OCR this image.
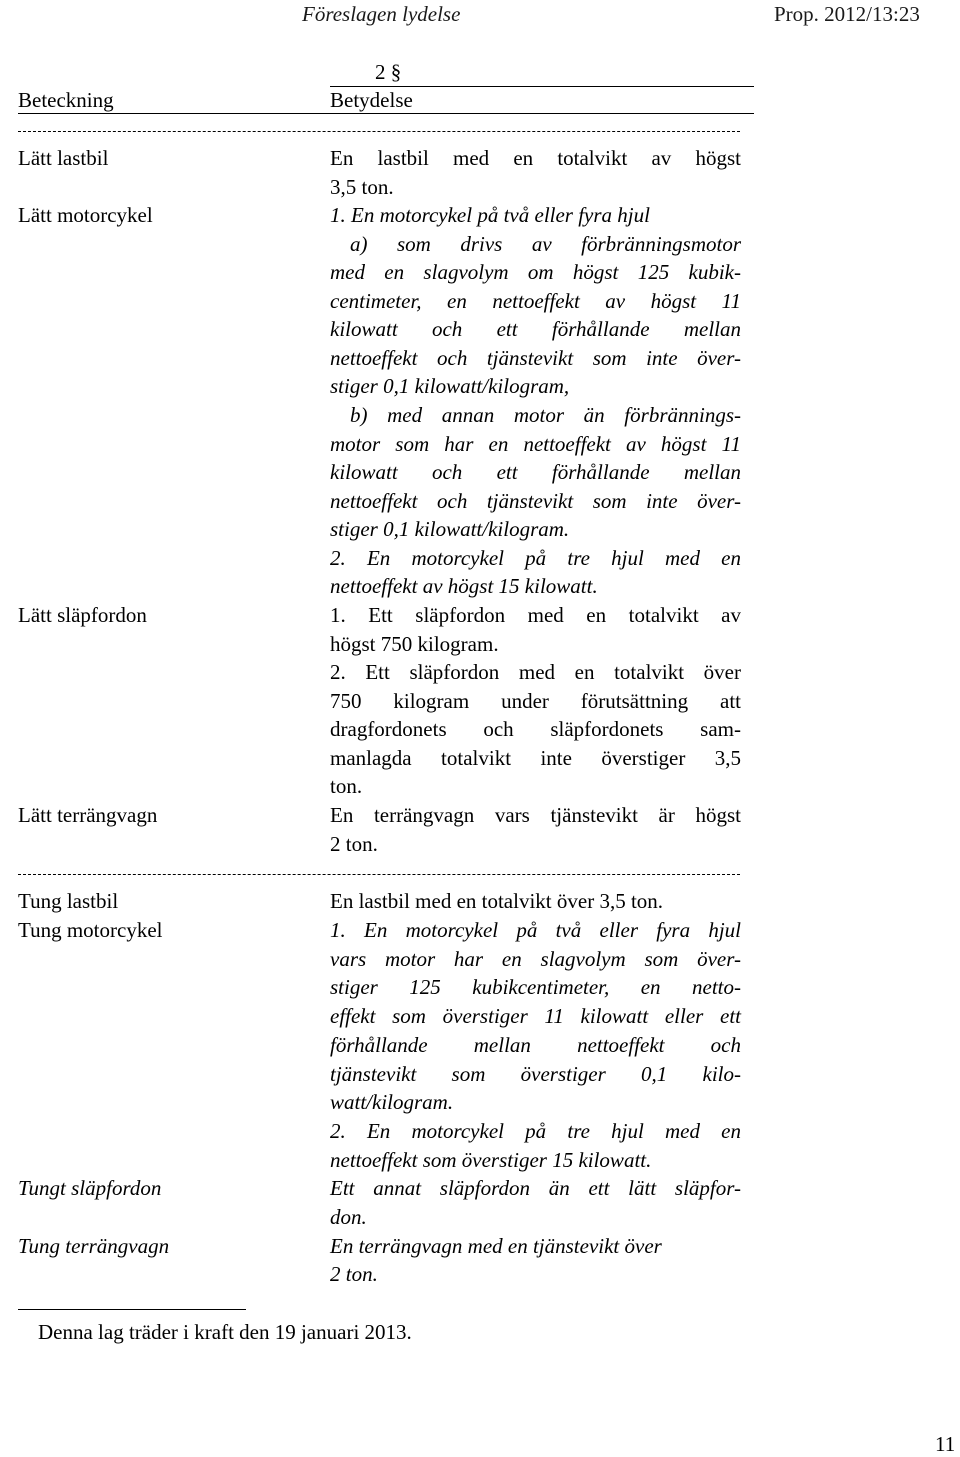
Föreslagen lydelse	Prop. 2012/13:23
2 §
Beteckning	Betydelse
Lätt lastbil	En lastbil med en totalvikt av högst
3,5 ton.
Lätt motorcykel	1. En motorcykel på två eller fyra hjul
a) som drivs av förbränningsmotor
med en slagvolym om högst 125 kubik-
centimeter, en nettoeffekt av högst 11
kilowatt och ett förhållande mellan
nettoeffekt och tjänstevikt som inte över-
stiger 0,1 kilowatt/kilogram,
b) med annan motor än förbrännings-
motor som har en nettoeffekt av högst 11
kilowatt och ett förhållande mellan
nettoeffekt och tjänstevikt som inte över-
stiger 0,1 kilowatt/kilogram.
2. En motorcykel på tre hjul med en
nettoeffekt av högst 15 kilowatt.
Lätt släpfordon	1. Ett släpfordon med en totalvikt av
högst 750 kilogram.
2. Ett släpfordon med en totalvikt över
750 kilogram under förutsättning att
dragfordonets och släpfordonets sam-
manlagda totalvikt inte överstiger 3,5
ton.
Lätt terrängvagn	En terrängvagn vars tjänstevikt är högst
2 ton.
Tung lastbil	En lastbil med en totalvikt över 3,5 ton.
Tung motorcykel	1. En motorcykel på två eller fyra hjul
vars motor har en slagvolym som över-
stiger 125 kubikcentimeter, en netto-
effekt som överstiger 11 kilowatt eller ett
förhållande mellan nettoeffekt och
tjänstevikt som överstiger 0,1 kilo-
watt/kilogram.
2. En motorcykel på tre hjul med en
nettoeffekt som överstiger 15 kilowatt.
Tungt släpfordon	Ett annat släpfordon än ett lätt släpfor-
don.
Tung terrängvagn	En terrängvagn med en tjänstevikt över
2 ton.
Denna lag träder i kraft den 19 januari 2013.
11
